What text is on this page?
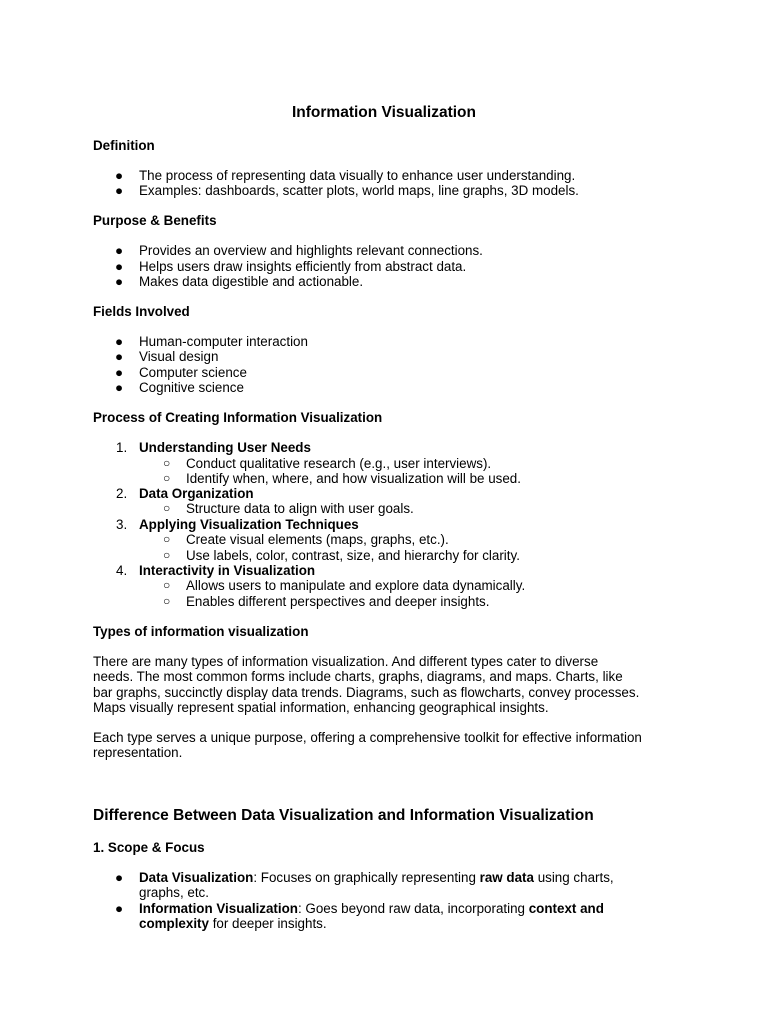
Information Visualization
Definition
● The process of representing data visually to enhance user understanding.
● Examples: dashboards, scatter plots, world maps, line graphs, 3D models.
Purpose & Benefits
● Provides an overview and highlights relevant connections.
● Helps users draw insights efficiently from abstract data.
● Makes data digestible and actionable.
Fields Involved
● Human-computer interaction
● Visual design
● Computer science
● Cognitive science
Process of Creating Information Visualization
1. Understanding User Needs
○ Conduct qualitative research (e.g., user interviews).
○ Identify when, where, and how visualization will be used.
2. Data Organization
○ Structure data to align with user goals.
3. Applying Visualization Techniques
○ Create visual elements (maps, graphs, etc.).
○ Use labels, color, contrast, size, and hierarchy for clarity.
4. Interactivity in Visualization
○ Allows users to manipulate and explore data dynamically.
○ Enables different perspectives and deeper insights.
Types of information visualization
There are many types of information visualization. And different types cater to diverse
needs. The most common forms include charts, graphs, diagrams, and maps. Charts, like
bar graphs, succinctly display data trends. Diagrams, such as flowcharts, convey processes.
Maps visually represent spatial information, enhancing geographical insights.
Each type serves a unique purpose, offering a comprehensive toolkit for effective information
representation.
Difference Between Data Visualization and Information Visualization
1. Scope & Focus
● Data Visualization: Focuses on graphically representing raw data using charts,
graphs, etc.
● Information Visualization: Goes beyond raw data, incorporating context and
complexity for deeper insights.
